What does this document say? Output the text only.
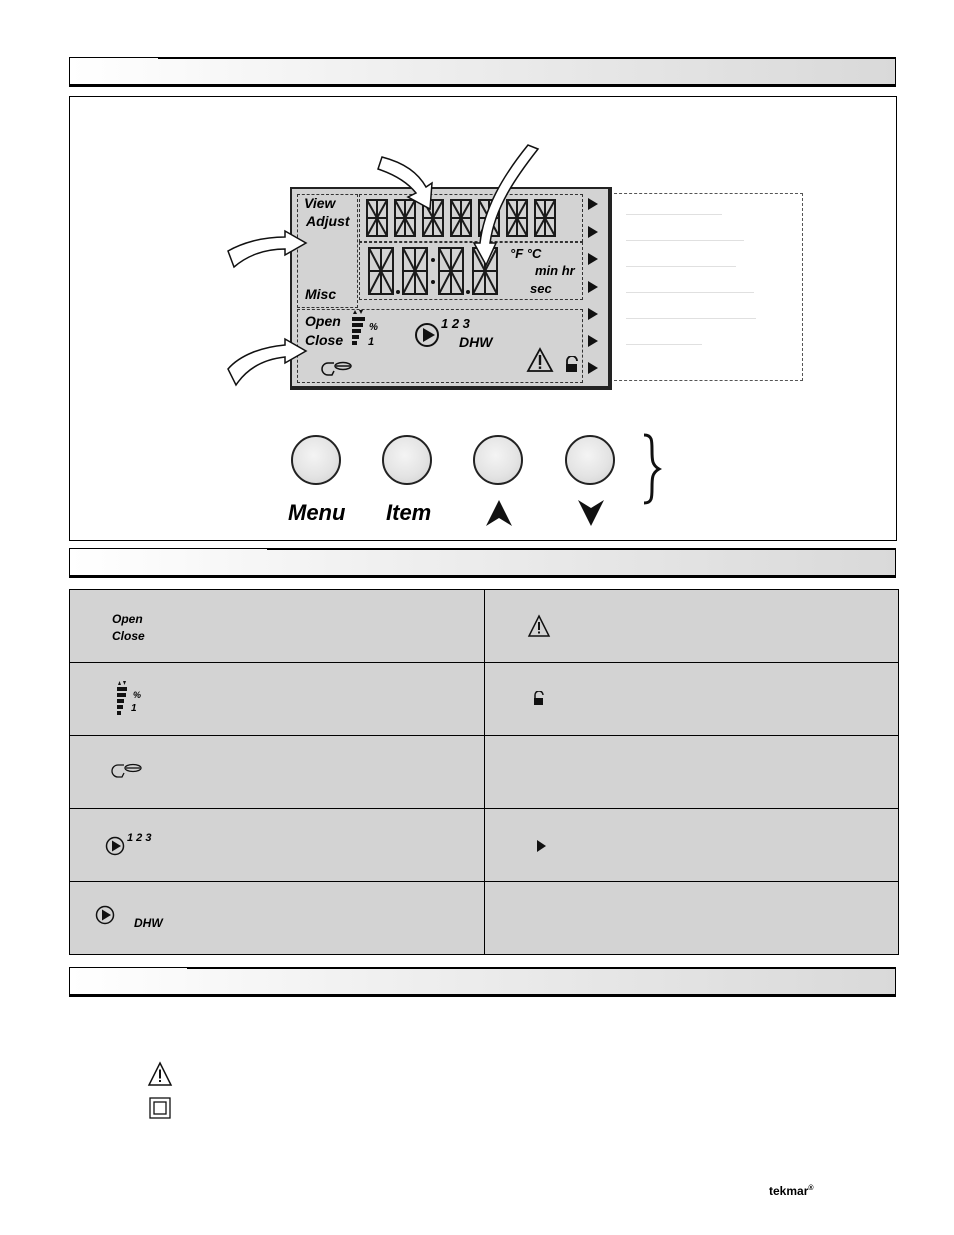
View
Adjust
Misc
Open
Close
°F °C
min hr
sec
%
1
1 2 3
DHW
Menu Item
Open
Close

%
1

1 2 3

DHW	

tekmar®
